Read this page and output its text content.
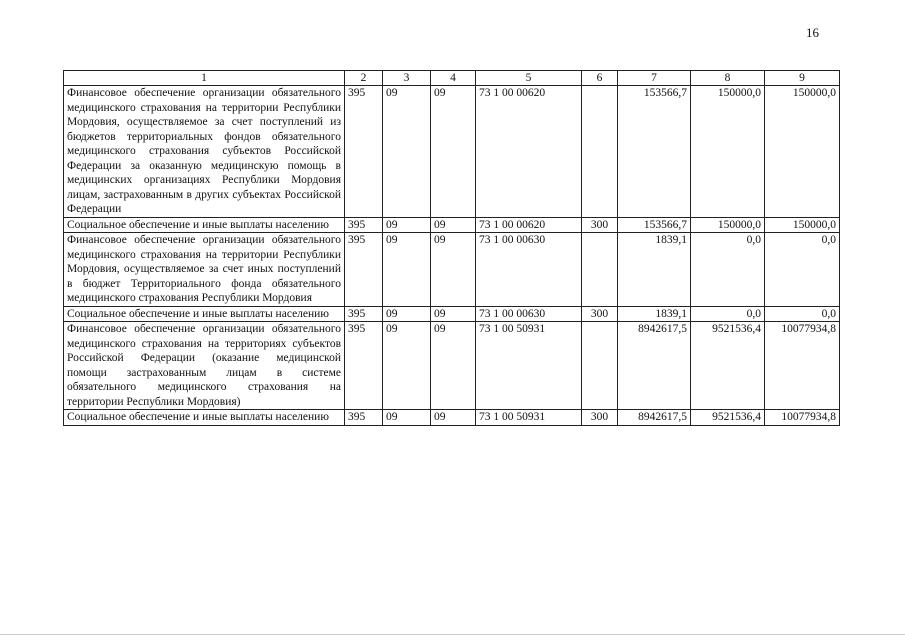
16
1	2	3	4	5	6	7	8	9
Финансовое обеспечение организации обязательного медицинского страхования на территории Республики Мордовия, осуществляемое за счет поступлений из бюджетов территориальных фондов обязательного медицинского страхования субъектов Российской Федерации за оказанную медицинскую помощь в медицинских организациях Республики Мордовия лицам, застрахованным в других субъектах Российской Федерации	395	09	09	73 1 00 00620		153566,7	150000,0	150000,0
Социальное обеспечение и иные выплаты населению	395	09	09	73 1 00 00620	300	153566,7	150000,0	150000,0
Финансовое обеспечение организации обязательного медицинского страхования на территории Республики Мордовия, осуществляемое за счет иных поступлений в бюджет Территориального фонда обязательного медицинского страхования Республики Мордовия	395	09	09	73 1 00 00630		1839,1	0,0	0,0
Социальное обеспечение и иные выплаты населению	395	09	09	73 1 00 00630	300	1839,1	0,0	0,0
Финансовое обеспечение организации обязательного медицинского страхования на территориях субъектов Российской Федерации (оказание медицинской помощи застрахованным лицам в системе обязательного медицинского страхования на территории Республики Мордовия)	395	09	09	73 1 00 50931		8942617,5	9521536,4	10077934,8
Социальное обеспечение и иные выплаты населению	395	09	09	73 1 00 50931	300	8942617,5	9521536,4	10077934,8
